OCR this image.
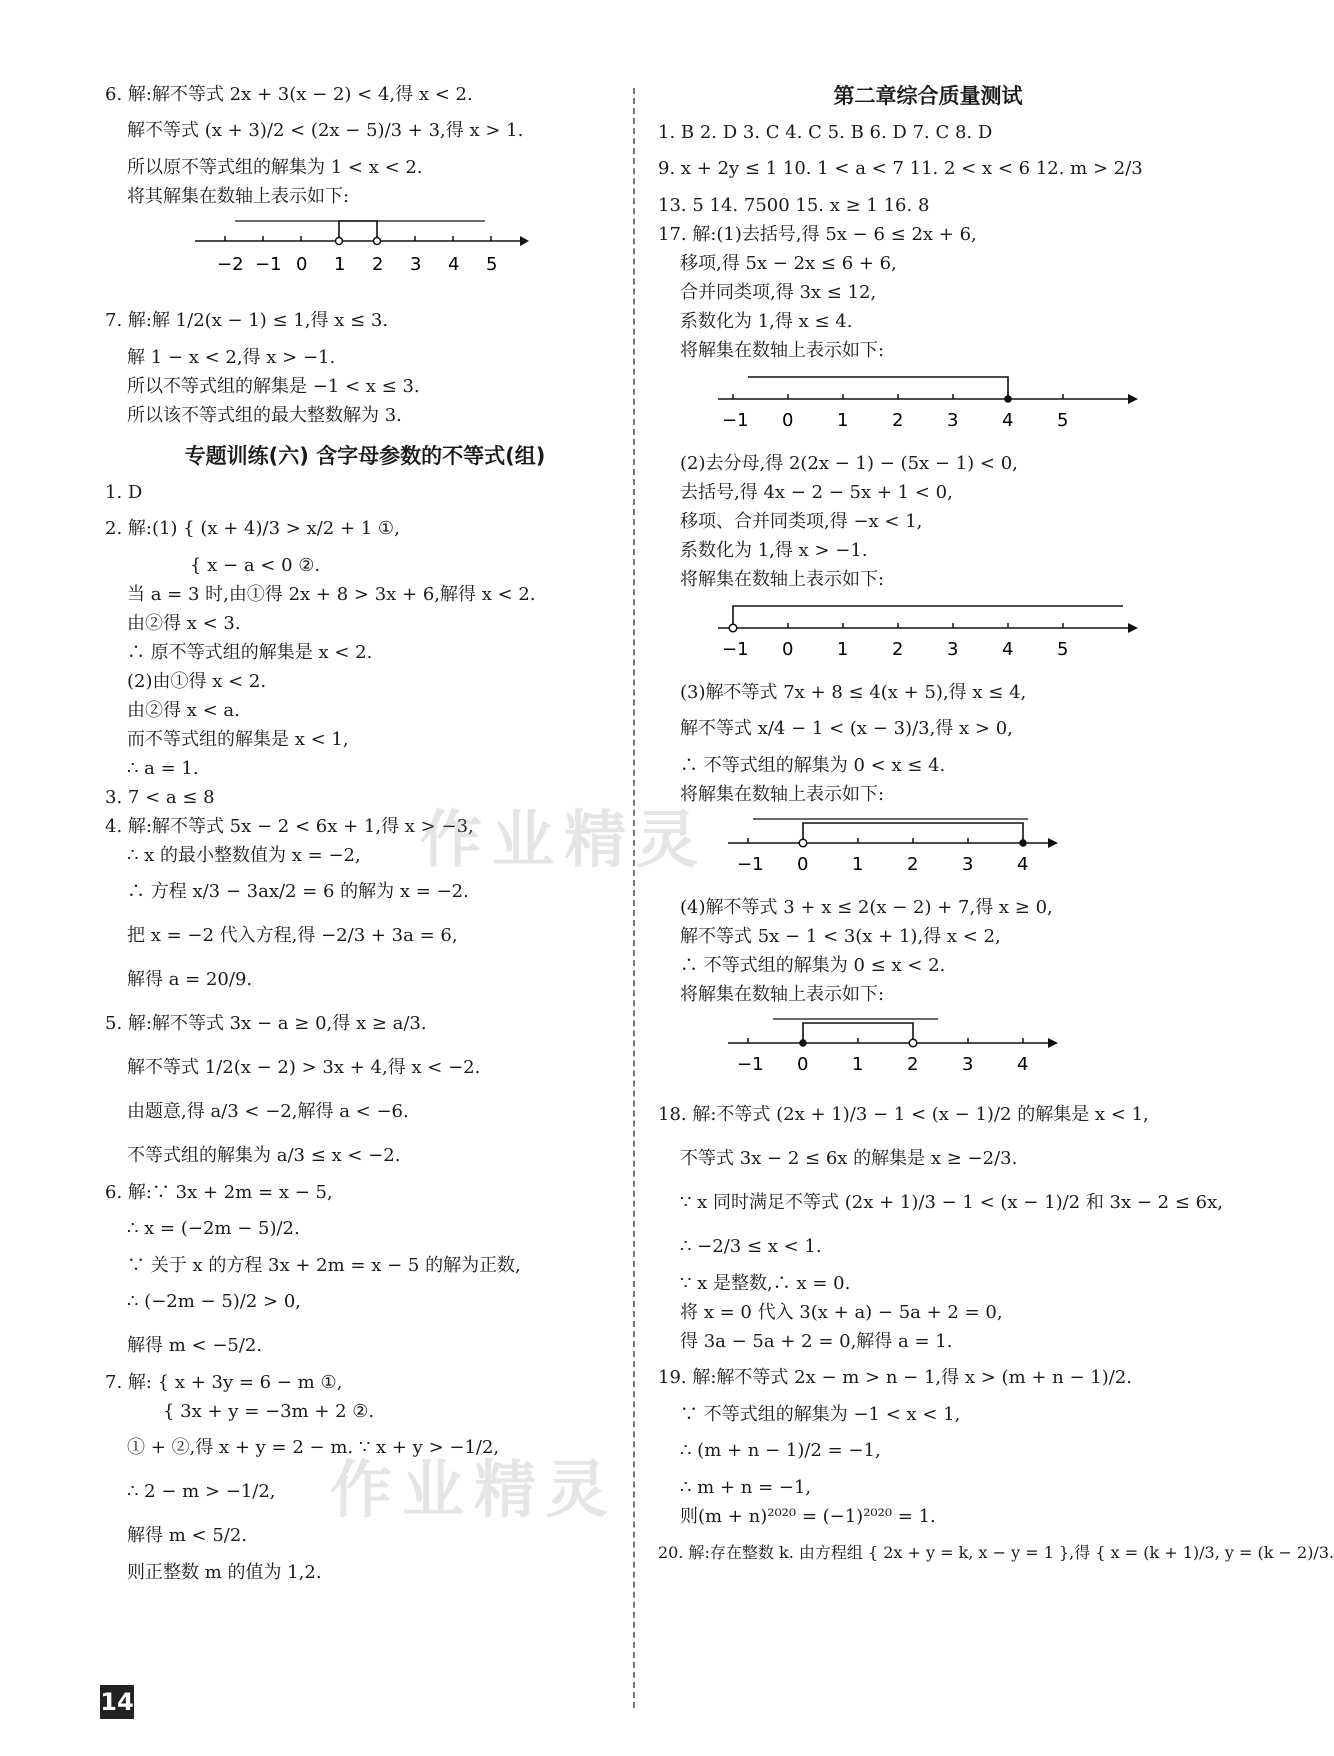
6. 解:解不等式 2x + 3(x − 2) < 4,得 x < 2.
解不等式 (x + 3)/2 < (2x − 5)/3 + 3,得 x > 1.
所以原不等式组的解集为 1 < x < 2.
将其解集在数轴上表示如下:
−2 −1 0 1 2 3 4 5
7. 解:解 1/2(x − 1) ≤ 1,得 x ≤ 3.
解 1 − x < 2,得 x > −1.
所以不等式组的解集是 −1 < x ≤ 3.
所以该不等式组的最大整数解为 3.
专题训练(六) 含字母参数的不等式(组)
1. D
2. 解:(1) { (x + 4)/3 > x/2 + 1 ①,
{ x − a < 0 ②.
当 a = 3 时,由①得 2x + 8 > 3x + 6,解得 x < 2.
由②得 x < 3.
∴ 原不等式组的解集是 x < 2.
(2)由①得 x < 2.
由②得 x < a.
而不等式组的解集是 x < 1,
∴ a = 1.
3. 7 < a ≤ 8
4. 解:解不等式 5x − 2 < 6x + 1,得 x > −3,
∴ x 的最小整数值为 x = −2,
∴ 方程 x/3 − 3ax/2 = 6 的解为 x = −2.
把 x = −2 代入方程,得 −2/3 + 3a = 6,
解得 a = 20/9.
5. 解:解不等式 3x − a ≥ 0,得 x ≥ a/3.
解不等式 1/2(x − 2) > 3x + 4,得 x < −2.
由题意,得 a/3 < −2,解得 a < −6.
不等式组的解集为 a/3 ≤ x < −2.
6. 解:∵ 3x + 2m = x − 5,
∴ x = (−2m − 5)/2.
∵ 关于 x 的方程 3x + 2m = x − 5 的解为正数,
∴ (−2m − 5)/2 > 0,
解得 m < −5/2.
7. 解: { x + 3y = 6 − m ①,
{ 3x + y = −3m + 2 ②.
① + ②,得 x + y = 2 − m. ∵ x + y > −1/2,
∴ 2 − m > −1/2,
解得 m < 5/2.
则正整数 m 的值为 1,2.
第二章综合质量测试
1. B 2. D 3. C 4. C 5. B 6. D 7. C 8. D
9. x + 2y ≤ 1 10. 1 < a < 7 11. 2 < x < 6 12. m > 2/3
13. 5 14. 7500 15. x ≥ 1 16. 8
17. 解:(1)去括号,得 5x − 6 ≤ 2x + 6,
移项,得 5x − 2x ≤ 6 + 6,
合并同类项,得 3x ≤ 12,
系数化为 1,得 x ≤ 4.
将解集在数轴上表示如下:
−1 0 1 2 3 4 5
(2)去分母,得 2(2x − 1) − (5x − 1) < 0,
去括号,得 4x − 2 − 5x + 1 < 0,
移项、合并同类项,得 −x < 1,
系数化为 1,得 x > −1.
将解集在数轴上表示如下:
−1 0 1 2 3 4 5
(3)解不等式 7x + 8 ≤ 4(x + 5),得 x ≤ 4,
解不等式 x/4 − 1 < (x − 3)/3,得 x > 0,
∴ 不等式组的解集为 0 < x ≤ 4.
将解集在数轴上表示如下:
−1 0 1 2 3 4
(4)解不等式 3 + x ≤ 2(x − 2) + 7,得 x ≥ 0,
解不等式 5x − 1 < 3(x + 1),得 x < 2,
∴ 不等式组的解集为 0 ≤ x < 2.
将解集在数轴上表示如下:
−1 0 1 2 3 4
18. 解:不等式 (2x + 1)/3 − 1 < (x − 1)/2 的解集是 x < 1,
不等式 3x − 2 ≤ 6x 的解集是 x ≥ −2/3.
∵ x 同时满足不等式 (2x + 1)/3 − 1 < (x − 1)/2 和 3x − 2 ≤ 6x,
∴ −2/3 ≤ x < 1.
∵ x 是整数,∴ x = 0.
将 x = 0 代入 3(x + a) − 5a + 2 = 0,
得 3a − 5a + 2 = 0,解得 a = 1.
19. 解:解不等式 2x − m > n − 1,得 x > (m + n − 1)/2.
∵ 不等式组的解集为 −1 < x < 1,
∴ (m + n − 1)/2 = −1,
∴ m + n = −1,
则(m + n)²⁰²⁰ = (−1)²⁰²⁰ = 1.
20. 解:存在整数 k. 由方程组 { 2x + y = k, x − y = 1 },得 { x = (k + 1)/3, y = (k − 2)/3.
作业精灵
作业精灵
14
